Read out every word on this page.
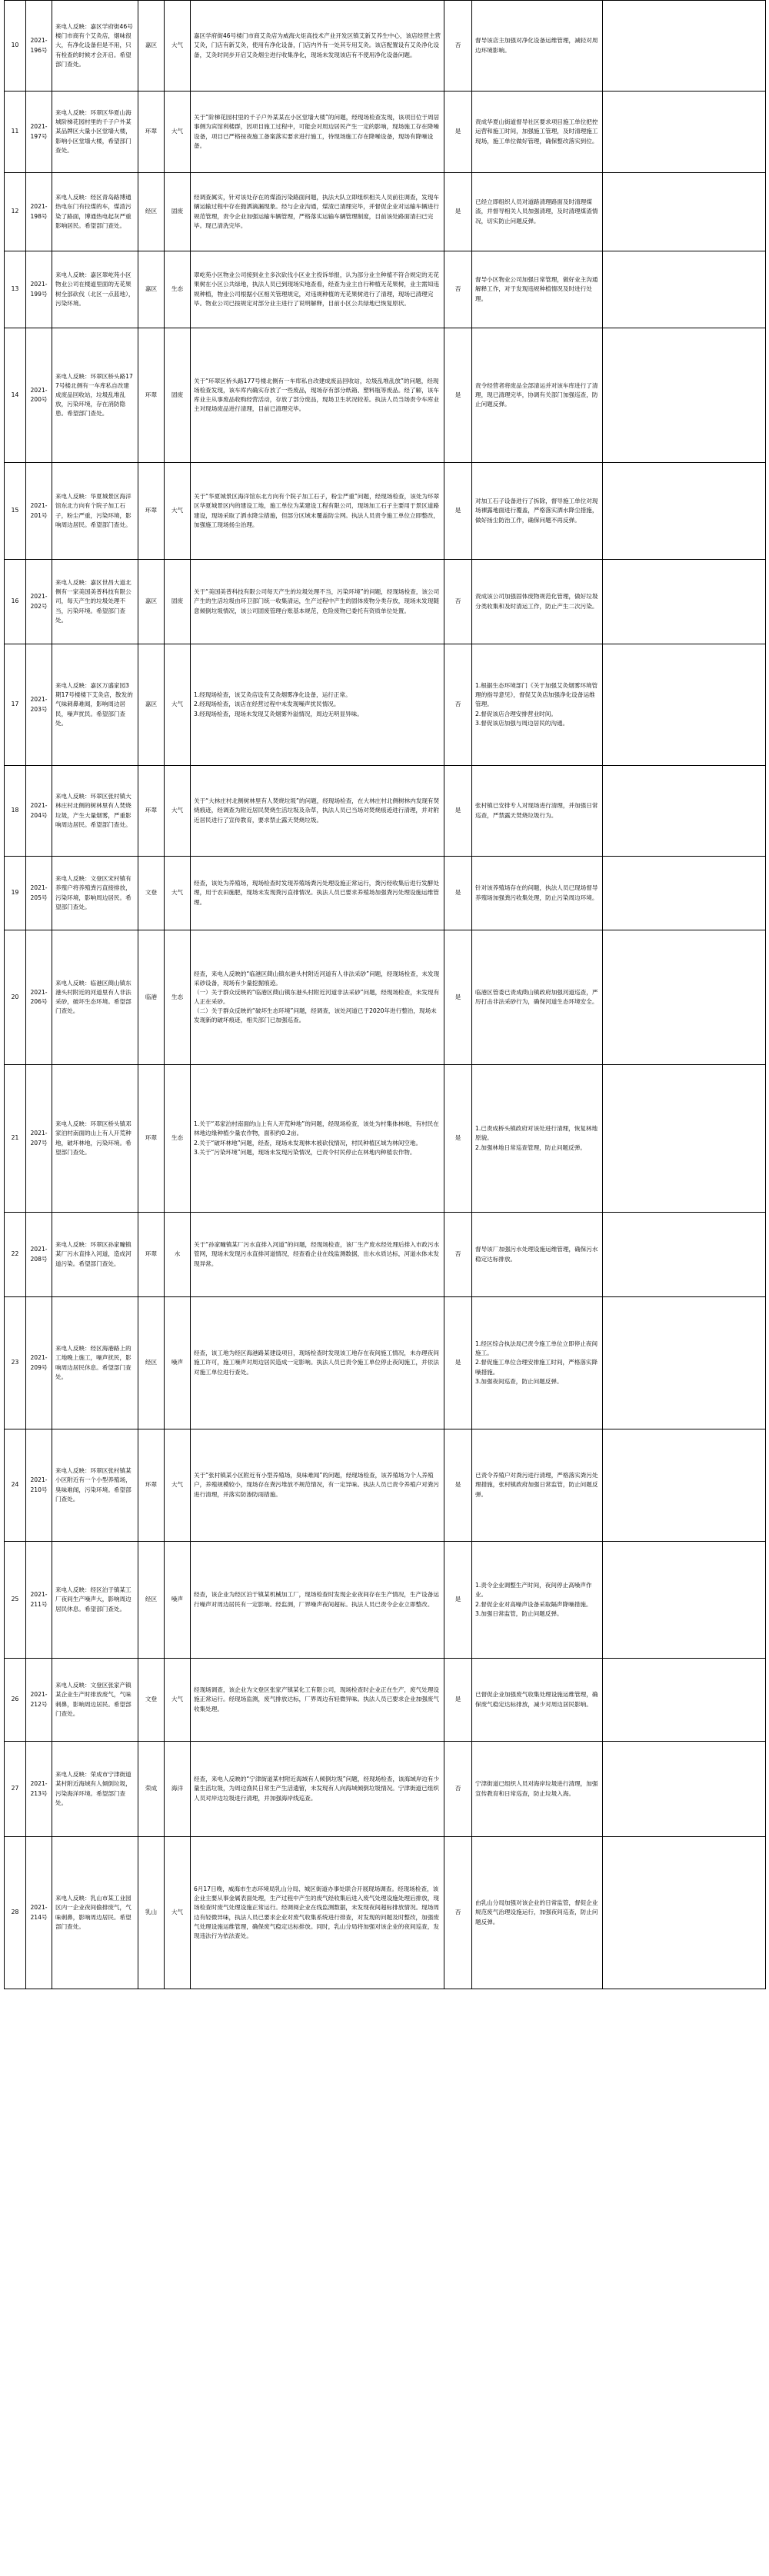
10	2021-196号	来电人反映：嘉区学府街46号楼门市商有个艾灸店，烟味很大，有净化设备但是不用，只有检查的时候才会开启。希望部门查处。	嘉区	大气	嘉区学府街46号楼门市商艾灸店为威海火炬高技术产业开发区镇艾新艾养生中心，该店经营主营艾灸，门店有新艾灸，使用有净化设备，门店内外有一处其专用艾灸。该店配置设有艾灸净化设备，艾灸时同步开启艾灸烟尘进行收集净化，现场未发现该店有不使用净化设备问题。	否	督导该店主加强对净化设备运维管理，减轻对周边环境影响。	
11	2021-197号	来电人反映：环翠区华夏山海城阶梯花园村里的千子户外某某品牌区大量小区堂墙大楼，影响小区堂墙大楼，希望部门查处。	环翠	大气	关于“阶梯花园村里的千子户外某某在小区堂墙大楼”的问题，经现场检查发现，该项目位于周居事侧为宾馆利楼群，因项目施工过程中，可能会对周边居民产生一定的影响，现场施工存在降噪设备，项目已严格按夜施工备案落实要求进行施工，待现场施工存在降噪设备，现场有降噪设备。	是	责成华夏山街道督导社区要求项目施工单位把控运营和施工时间，加强施工管理，及时清理施工现场，施工单位做好管理，确保整改落实到位。	
12	2021-198号	来电人反映：经区青岛路博通热电东门有拉煤的车，煤渣污染了路面，博通热电起灰严重影响居民。希望部门查处。	经区	固废	经调查属实，针对该处存在的煤渣污染路面问题，执法大队立即组织相关人员前往调查，发现车辆运输过程中存在抛洒滴漏现象。经与企业沟通，煤渣已清理完毕，并督促企业对运输车辆进行规范管理，责令企业加强运输车辆管理，严格落实运输车辆管理制度，目前该处路面清扫已完毕。现已清洗完毕。	是	已经立即组织人员对道路清理路面及时清理煤渣，并督导相关人员加强清理，及时清理煤渣情况，切实防止问题反弹。	
13	2021-199号	来电人反映：嘉区翠屹苑小区物业公司在楼道里面的无花果树全部砍伐（北区一点蓝地），污染环境。	嘉区	生态	翠屹苑小区物业公司接到业主多次砍伐小区业主投诉举报，认为部分业主种植不符合规定的无花果树在小区公共绿地，执法人员已到现场实地查看，经查为业主自行种植无花果树，业主需知违规种植，物业公司根据小区相关管理规定，对违规种植的无花果树进行了清理，现场已清理完毕。物业公司已按规定对部分业主进行了说明解释，目前小区公共绿地已恢复原状。	否	督导小区物业公司加强日常管理，做好业主沟通解释工作，对于发现违规种植情况及时进行处理。	
14	2021-200号	来电人反映：环翠区桥头路177号楼北侧有一车库私自改建成废品回收站，垃圾乱堆乱放，污染环境，存在消防隐患。希望部门查处。	环翠	固废	关于“环翠区桥头路177号楼北侧有一车库私自改建成废品回收站，垃圾乱堆乱放”的问题，经现场检查发现，该车库内确实存放了一些废品，现场存有部分纸箱、塑料瓶等废品。经了解，该车库业主从事废品收购经营活动，存放了部分废品，现场卫生状况较差。执法人员当场责令车库业主对现场废品进行清理，目前已清理完毕。	是	责令经营者将废品全部清运并对该车库进行了清理，现已清理完毕，协调有关部门加强巡查，防止问题反弹。	
15	2021-201号	来电人反映：华夏城景区海洋馆东北方向有个院子加工石子，粉尘严重，污染环境，影响周边居民。希望部门查处。	环翠	大气	关于“华夏城景区海洋馆东北方向有个院子加工石子，粉尘严重”问题，经现场检查，该处为环翠区华夏城景区内的建设工地，施工单位为某建设工程有限公司，现场加工石子主要用于景区道路建设，现场采取了洒水降尘措施，但部分区域未覆盖防尘网。执法人员责令施工单位立即整改，加强施工现场扬尘治理。	是	对加工石子设备进行了拆除，督导施工单位对现场裸露地面进行覆盖，严格落实洒水降尘措施，做好扬尘防治工作，确保问题不再反弹。	
16	2021-202号	来电人反映：嘉区世昌大道北侧有一家美国美普科技有限公司，每天产生的垃圾处理不当，污染环境。希望部门查处。	嘉区	固废	关于“美国美普科技有限公司每天产生的垃圾处理不当，污染环境”的问题，经现场检查，该公司产生的生活垃圾由环卫部门统一收集清运，生产过程中产生的固体废物分类存放，现场未发现随意倾倒垃圾情况，该公司固废管理台账基本规范，危险废物已委托有资质单位处置。	否	责成该公司加强固体废物规范化管理，做好垃圾分类收集和及时清运工作，防止产生二次污染。	
17	2021-203号	来电人反映：嘉区万盛家园3期17号楼楼下艾灸店，散发的气味刺鼻难闻，影响周边居民，噪声扰民。希望部门查处。	嘉区	大气	1.经现场检查，该艾灸店设有艾灸烟雾净化设备，运行正常。
2.经现场检查，该店在经营过程中未发现噪声扰民情况。
3.经现场检查，现场未发现艾灸烟雾外溢情况，周边无明显异味。	否	1.根据生态环境部门《关于加强艾灸烟雾环境管理的指导意见》，督促艾灸店加强净化设备运维管理。
2.督促该店合理安排营业时间。
3.督促该店加强与周边居民的沟通。	
18	2021-204号	来电人反映：环翠区张村镇大林庄村北侧的树林里有人焚烧垃圾，产生大量烟雾，严重影响周边居民。希望部门查处。	环翠	大气	关于“大林庄村北侧树林里有人焚烧垃圾”的问题，经现场检查，在大林庄村北侧树林内发现有焚烧痕迹，经调查为附近居民焚烧生活垃圾及杂草，执法人员已当场对焚烧痕迹进行清理，并对附近居民进行了宣传教育，要求禁止露天焚烧垃圾。	是	张村镇已安排专人对现场进行清理，并加强日常巡查，严禁露天焚烧垃圾行为。	
19	2021-205号	来电人反映：文登区宋村镇有养殖户将养殖粪污直接排放，污染环境，影响周边居民。希望部门查处。	文登	大气	经查，该处为养殖场，现场检查时发现养殖场粪污处理设施正常运行，粪污经收集后进行发酵处理，用于农田施肥，现场未发现粪污直排情况。执法人员已要求养殖场加强粪污处理设施运维管理。	是	针对该养殖场存在的问题，执法人员已现场督导养殖场加强粪污收集处理，防止污染周边环境。	
20	2021-206号	来电人反映：临港区蔄山镇东港头村附近的河道里有人非法采砂，破坏生态环境。希望部门查处。	临港	生态	经查，来电人反映的“临港区蔄山镇东港头村附近河道有人非法采砂”问题，经现场检查，未发现采砂设备，现场有少量挖掘痕迹。
（一）关于群众反映的“临港区蔄山镇东港头村附近河道非法采砂”问题，经现场检查，未发现有人正在采砂。
（二）关于群众反映的“破坏生态环境”问题，经调查，该处河道已于2020年进行整治，现场未发现新的破坏痕迹，相关部门已加强巡查。	是	临港区管委已责成蔄山镇政府加强河道巡查，严厉打击非法采砂行为，确保河道生态环境安全。	
21	2021-207号	来电人反映：环翠区桥头镇邓家泊村南面的山上有人开荒种地，破坏林地，污染环境。希望部门查处。	环翠	生态	1.关于“邓家泊村南面的山上有人开荒种地”的问题，经现场检查，该处为村集体林地，有村民在林地边缘种植少量农作物，面积约0.2亩。
2.关于“破坏林地”问题，经查，现场未发现林木被砍伐情况，村民种植区域为林间空地。
3.关于“污染环境”问题，现场未发现污染情况，已责令村民停止在林地内种植农作物。	是	1.已责成桥头镇政府对该处进行清理，恢复林地原貌。
2.加强林地日常巡查管理，防止问题反弹。	
22	2021-208号	来电人反映：环翠区孙家疃镇某厂污水直排入河道，造成河道污染。希望部门查处。	环翠	水	关于“孙家疃镇某厂污水直排入河道”的问题，经现场检查，该厂生产废水经处理后排入市政污水管网，现场未发现污水直排河道情况，经查看企业在线监测数据，出水水质达标，河道水体未发现异常。	否	督导该厂加强污水处理设施运维管理，确保污水稳定达标排放。	
23	2021-209号	来电人反映：经区海港路上的工地晚上施工，噪声扰民，影响周边居民休息。希望部门查处。	经区	噪声	经查，该工地为经区海港路某建设项目，现场检查时发现该工地存在夜间施工情况，未办理夜间施工许可，施工噪声对周边居民造成一定影响。执法人员已责令施工单位停止夜间施工，并依法对施工单位进行查处。	是	1.经区综合执法局已责令施工单位立即停止夜间施工。
2.督促施工单位合理安排施工时间，严格落实降噪措施。
3.加强夜间巡查，防止问题反弹。	
24	2021-210号	来电人反映：环翠区张村镇某小区附近有一个小型养殖场，臭味难闻，污染环境。希望部门查处。	环翠	大气	关于“张村镇某小区附近有小型养殖场，臭味难闻”的问题，经现场检查，该养殖场为个人养殖户，养殖规模较小，现场存在粪污堆放不规范情况，有一定异味。执法人员已责令养殖户对粪污进行清理，并落实防渗防雨措施。	是	已责令养殖户对粪污进行清理，严格落实粪污处理措施，张村镇政府加强日常监管，防止问题反弹。	
25	2021-211号	来电人反映：经区泊于镇某工厂夜间生产噪声大，影响周边居民休息。希望部门查处。	经区	噪声	经查，该企业为经区泊于镇某机械加工厂，现场检查时发现企业夜间存在生产情况，生产设备运行噪声对周边居民有一定影响。经监测，厂界噪声夜间超标。执法人员已责令企业立即整改。	是	1.责令企业调整生产时间，夜间停止高噪声作业。
2.督促企业对高噪声设备采取隔声降噪措施。
3.加强日常监管，防止问题反弹。	
26	2021-212号	来电人反映：文登区张家产镇某企业生产时排放废气，气味刺鼻，影响周边居民。希望部门查处。	文登	大气	经现场调查，该企业为文登区张家产镇某化工有限公司，现场检查时企业正在生产，废气处理设施正常运行。经现场监测，废气排放达标，厂界周边有轻微异味。执法人员已要求企业加强废气收集处理。	是	已督促企业加强废气收集处理设施运维管理，确保废气稳定达标排放，减少对周边居民影响。	
27	2021-213号	来电人反映：荣成市宁津街道某村附近海域有人倾倒垃圾，污染海洋环境。希望部门查处。	荣成	海洋	经查，来电人反映的“宁津街道某村附近海域有人倾倒垃圾”问题，经现场检查，该海域岸边有少量生活垃圾，为周边渔民日常生产生活遗留，未发现有人向海域倾倒垃圾情况。宁津街道已组织人员对岸边垃圾进行清理，并加强海岸线巡查。	否	宁津街道已组织人员对海岸垃圾进行清理，加强宣传教育和日常巡查，防止垃圾入海。	
28	2021-214号	来电人反映：乳山市某工业园区内一企业夜间偷排废气，气味刺鼻，影响周边居民。希望部门查处。	乳山	大气	6月17日晚，威海市生态环境局乳山分局、城区街道办事处联合开展现场调查。经现场检查，该企业主要从事金属表面处理，生产过程中产生的废气经收集后进入废气处理设施处理后排放，现场检查时废气处理设施正常运行。经调阅企业在线监测数据，未发现夜间超标排放情况。现场周边有轻微异味，执法人员已要求企业对废气收集系统进行排查，对发现的问题及时整改，加强废气处理设施运维管理，确保废气稳定达标排放。同时，乳山分局将加强对该企业的夜间巡查，发现违法行为依法查处。	否	由乳山分局加强对该企业的日常监管，督促企业规范废气治理设施运行，加强夜间巡查，防止问题反弹。	
